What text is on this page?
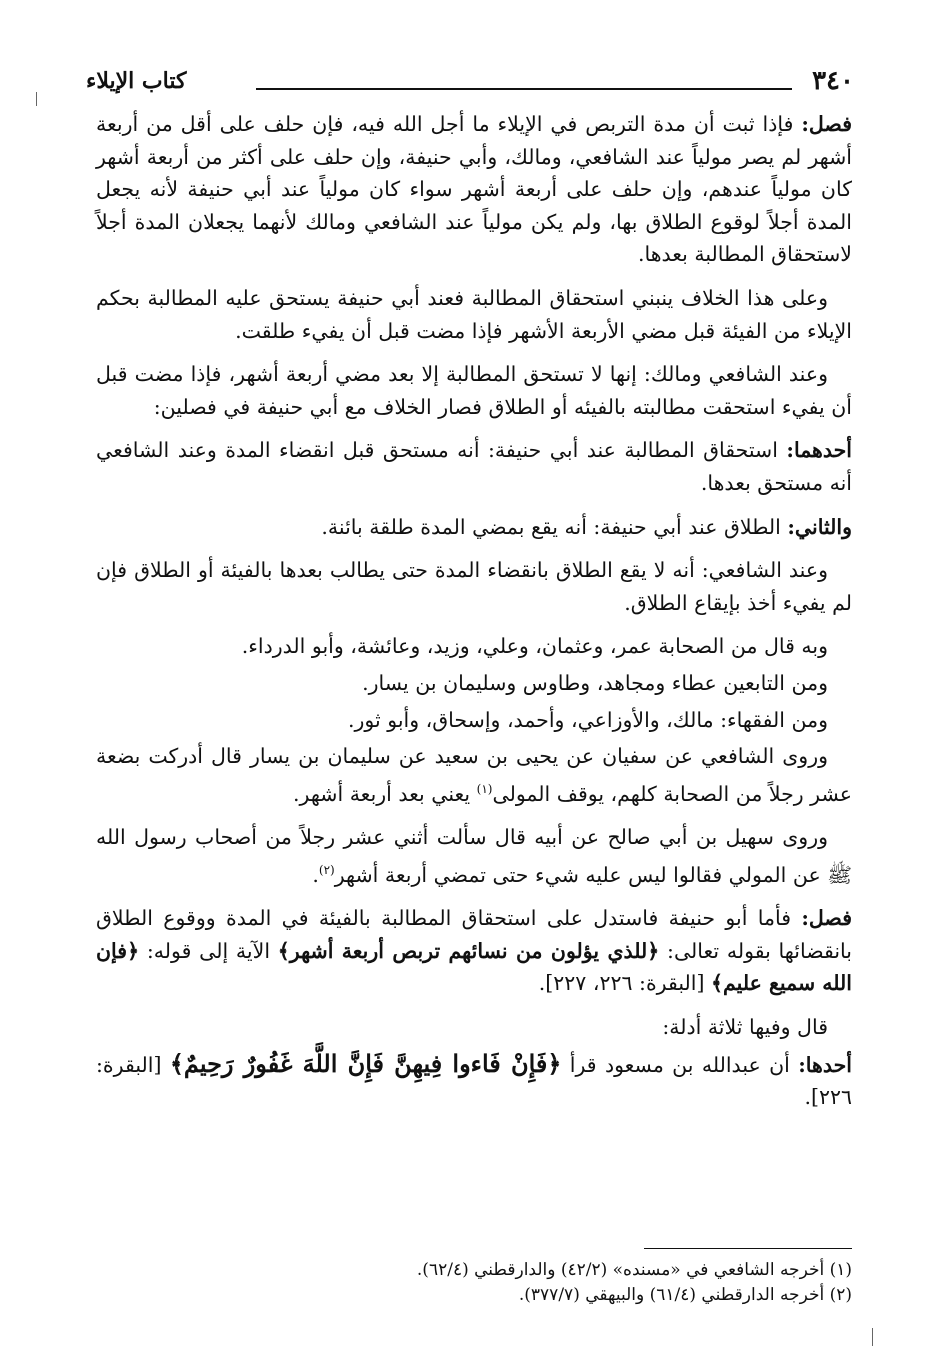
٣٤٠
كتاب الإيلاء

فصل: فإذا ثبت أن مدة التربص في الإيلاء ما أجل الله فيه، فإن حلف على أقل من أربعة أشهر لم يصر مولياً عند الشافعي، ومالك، وأبي حنيفة، وإن حلف على أكثر من أربعة أشهر كان مولياً عندهم، وإن حلف على أربعة أشهر سواء كان مولياً عند أبي حنيفة لأنه يجعل المدة أجلاً لوقوع الطلاق بها، ولم يكن مولياً عند الشافعي ومالك لأنهما يجعلان المدة أجلاً لاستحقاق المطالبة بعدها.

وعلى هذا الخلاف ينبني استحقاق المطالبة فعند أبي حنيفة يستحق عليه المطالبة بحكم الإيلاء من الفيئة قبل مضي الأربعة الأشهر فإذا مضت قبل أن يفيء طلقت.

وعند الشافعي ومالك: إنها لا تستحق المطالبة إلا بعد مضي أربعة أشهر، فإذا مضت قبل أن يفيء استحقت مطالبته بالفيئه أو الطلاق فصار الخلاف مع أبي حنيفة في فصلين:

أحدهما: استحقاق المطالبة عند أبي حنيفة: أنه مستحق قبل انقضاء المدة وعند الشافعي أنه مستحق بعدها.

والثاني: الطلاق عند أبي حنيفة: أنه يقع بمضي المدة طلقة بائنة.

وعند الشافعي: أنه لا يقع الطلاق بانقضاء المدة حتى يطالب بعدها بالفيئة أو الطلاق فإن لم يفيء أخذ بإيقاع الطلاق.

وبه قال من الصحابة عمر، وعثمان، وعلي، وزيد، وعائشة، وأبو الدرداء.

ومن التابعين عطاء ومجاهد، وطاوس وسليمان بن يسار.

ومن الفقهاء: مالك، والأوزاعي، وأحمد، وإسحاق، وأبو ثور.

وروى الشافعي عن سفيان عن يحيى بن سعيد عن سليمان بن يسار قال أدركت بضعة عشر رجلاً من الصحابة كلهم، يوقف المولى$^{(١)}$ يعني بعد أربعة أشهر.

وروى سهيل بن أبي صالح عن أبيه قال سألت أثني عشر رجلاً من أصحاب رسول الله ﷺ عن المولي فقالوا ليس عليه شيء حتى تمضي أربعة أشهر$^{(٢)}$.

فصل: فأما أبو حنيفة فاستدل على استحقاق المطالبة بالفيئة في المدة ووقوع الطلاق بانقضائها بقوله تعالى: ﴿للذي يؤلون من نسائهم تربص أربعة أشهر﴾ الآية إلى قوله: ﴿فإن الله سميع عليم﴾ [البقرة: ٢٢٦، ٢٢٧].

قال وفيها ثلاثة أدلة:

أحدها: أن عبدالله بن مسعود قرأ ﴿فَإِنْ فَاءوا فِيهِنَّ فَإِنَّ اللَّهَ غَفُورٌ رَحِيمٌ﴾ [البقرة: ٢٢٦].

(١) أخرجه الشافعي في «مسنده» (٤٢/٢) والدارقطني (٦٢/٤).
(٢) أخرجه الدارقطني (٦١/٤) والبيهقي (٣٧٧/٧).
